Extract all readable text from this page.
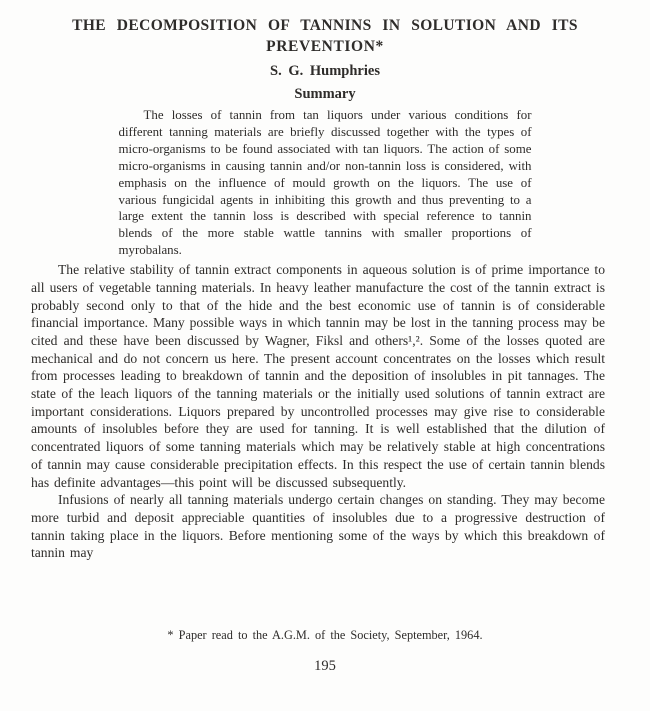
THE DECOMPOSITION OF TANNINS IN SOLUTION AND ITS
PREVENTION*
S. G. Humphries
Summary

The losses of tannin from tan liquors under various conditions for different tanning materials are briefly discussed together with the types of micro-organisms to be found associated with tan liquors. The action of some micro-organisms in causing tannin and/or non-tannin loss is considered, with emphasis on the influence of mould growth on the liquors. The use of various fungicidal agents in inhibiting this growth and thus preventing to a large extent the tannin loss is described with special reference to tannin blends of the more stable wattle tannins with smaller proportions of myrobalans.

The relative stability of tannin extract components in aqueous solution is of prime importance to all users of vegetable tanning materials. In heavy leather manufacture the cost of the tannin extract is probably second only to that of the hide and the best economic use of tannin is of considerable financial importance. Many possible ways in which tannin may be lost in the tanning process may be cited and these have been discussed by Wagner, Fiksl and others¹,². Some of the losses quoted are mechanical and do not concern us here. The present account concentrates on the losses which result from processes leading to breakdown of tannin and the deposition of insolubles in pit tannages. The state of the leach liquors of the tanning materials or the initially used solutions of tannin extract are important considerations. Liquors prepared by uncontrolled processes may give rise to considerable amounts of insolubles before they are used for tanning. It is well established that the dilution of concentrated liquors of some tanning materials which may be relatively stable at high concentrations of tannin may cause considerable precipitation effects. In this respect the use of certain tannin blends has definite advantages—this point will be discussed subsequently.

Infusions of nearly all tanning materials undergo certain changes on standing. They may become more turbid and deposit appreciable quantities of insolubles due to a progressive destruction of tannin taking place in the liquors. Before mentioning some of the ways by which this breakdown of tannin may

* Paper read to the A.G.M. of the Society, September, 1964.
195
